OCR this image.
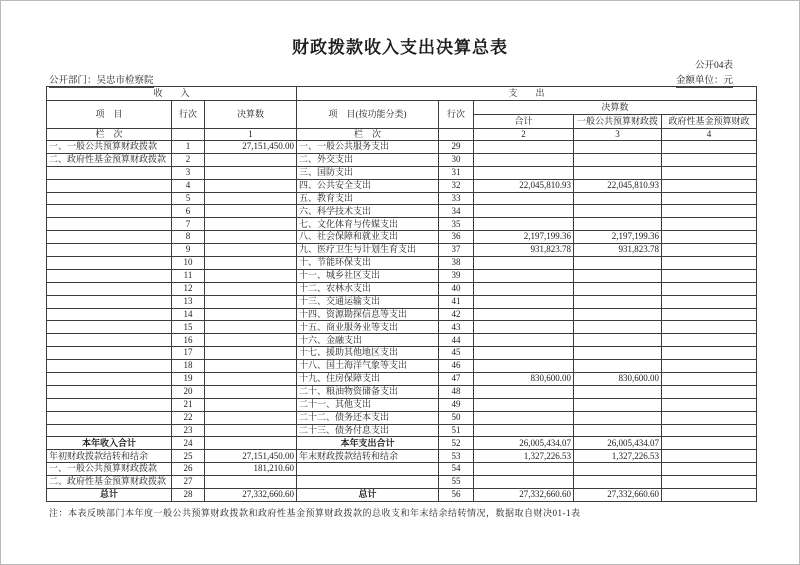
财政拨款收入支出决算总表
公开04表
公开部门：吴忠市检察院	金额单位：元
收　　入			支　　出				
项　目	行次	决算数	项　目(按功能分类)	行次	决算数		
					合计	一般公共预算财政拨	政府性基金预算财政
栏　次		1	栏　次		2	3	4
一、一般公共预算财政拨款	1	27,151,450.00	一、一般公共服务支出	29			
二、政府性基金预算财政拨款	2		二、外交支出	30			
	3		三、国防支出	31			
	4		四、公共安全支出	32	22,045,810.93	22,045,810.93	
	5		五、教育支出	33			
	6		六、科学技术支出	34			
	7		七、文化体育与传媒支出	35			
	8		八、社会保障和就业支出	36	2,197,199.36	2,197,199.36	
	9		九、医疗卫生与计划生育支出	37	931,823.78	931,823.78	
	10		十、节能环保支出	38			
	11		十一、城乡社区支出	39			
	12		十二、农林水支出	40			
	13		十三、交通运输支出	41			
	14		十四、资源勘探信息等支出	42			
	15		十五、商业服务业等支出	43			
	16		十六、金融支出	44			
	17		十七、援助其他地区支出	45			
	18		十八、国土海洋气象等支出	46			
	19		十九、住房保障支出	47	830,600.00	830,600.00	
	20		二十、粮油物资储备支出	48			
	21		二十一、其他支出	49			
	22		二十二、债务还本支出	50			
	23		二十三、债务付息支出	51			
本年收入合计	24		本年支出合计	52	26,005,434.07	26,005,434.07	
年初财政拨款结转和结余	25	27,151,450.00	年末财政拨款结转和结余	53	1,327,226.53	1,327,226.53	
一、一般公共预算财政拨款	26	181,210.60		54			
二、政府性基金预算财政拨款	27			55			
总计	28	27,332,660.60	总计	56	27,332,660.60	27,332,660.60	
注：本表反映部门本年度一般公共预算财政拨款和政府性基金预算财政拨款的总收支和年末结余结转情况，数据取自财决01-1表
